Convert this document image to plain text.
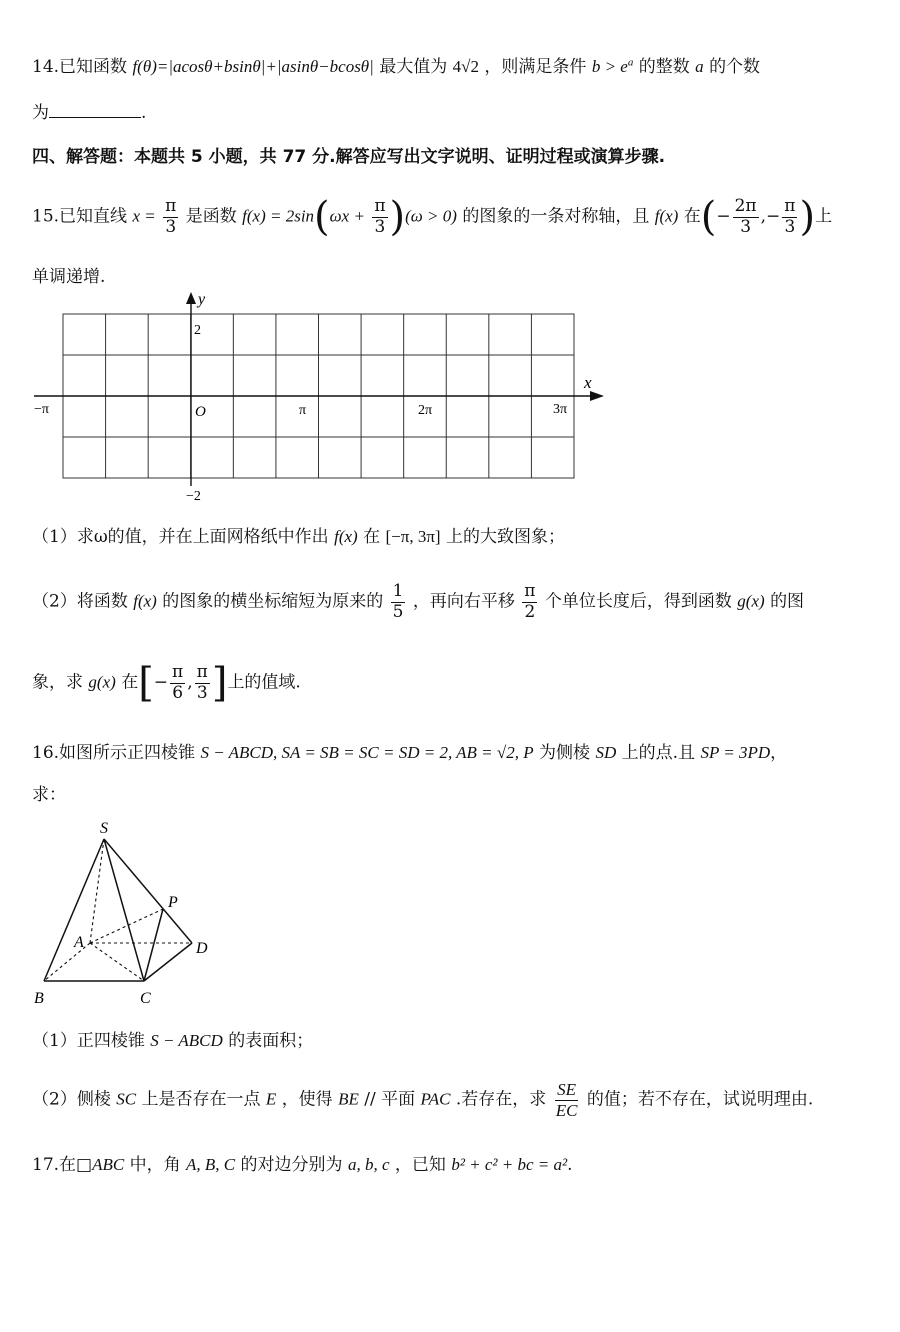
14.已知函数 f(θ)=|acosθ+bsinθ|+|asinθ−bcosθ| 最大值为 4√2 ，则满足条件 $b > e^a$ 的整数 a 的个数
为	.
四、解答题：本题共 5 小题，共 77 分.解答应写出文字说明、证明过程或演算步骤.
15.已知直线 $x = \frac{\pi}{3}$ 是函数 $f(x) = 2\sin(\omega x + \frac{\pi}{3} )(\omega > 0)$ 的图象的一条对称轴，且 f(x) 在(− $\frac{2\pi}{3}$ ,− $\frac{\pi}{3}$ )上
单调递增.
y
x
2
−2
−π	O	π	2π	3π
（1）求ω的值，并在上面网格纸中作出 f(x) 在 [−π, 3π] 上的大致图象；
（2）将函数 f(x) 的图象的横坐标缩短为原来的 $\frac{1}{5}$ ，再向右平移 $\frac{\pi}{2}$ 个单位长度后，得到函数 g(x) 的图
象，求 g(x) 在[− $\frac{\pi}{6}$ , $\frac{\pi}{3}$ ]上的值域.
16.如图所示正四棱锥 S − ABCD, SA = SB = SC = SD = 2, AB = √2, P 为侧棱 SD 上的点.且 SP = 3PD，
求：
S
P
A	D
B	C
（1）正四棱锥 S − ABCD 的表面积；
（2）侧棱 SC 上是否存在一点 E ，使得 BE // 平面 PAC .若存在，求 $\frac{SE}{EC}$ 的值；若不存在，试说明理由.
17.在□ABC 中，角 A, B, C 的对边分别为 a, b, c ，已知 b² + c² + bc = a².
